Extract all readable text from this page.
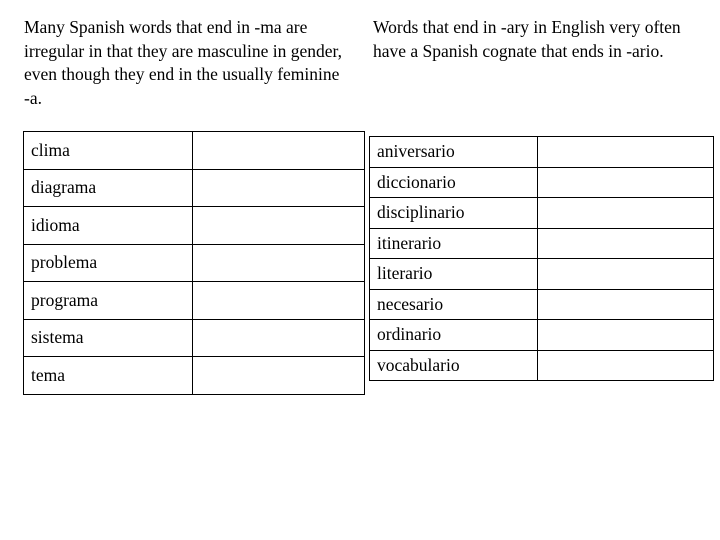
Many Spanish words that end in -ma are irregular in that they are masculine in gender, even though they end in the usually feminine -a.

Words that end in -ary in English very often have a Spanish cognate that ends in -ario.

clima	
diagrama	
idioma	
problema	
programa	
sistema	
tema	
aniversario	
diccionario	
disciplinario	
itinerario	
literario	
necesario	
ordinario	
vocabulario	
